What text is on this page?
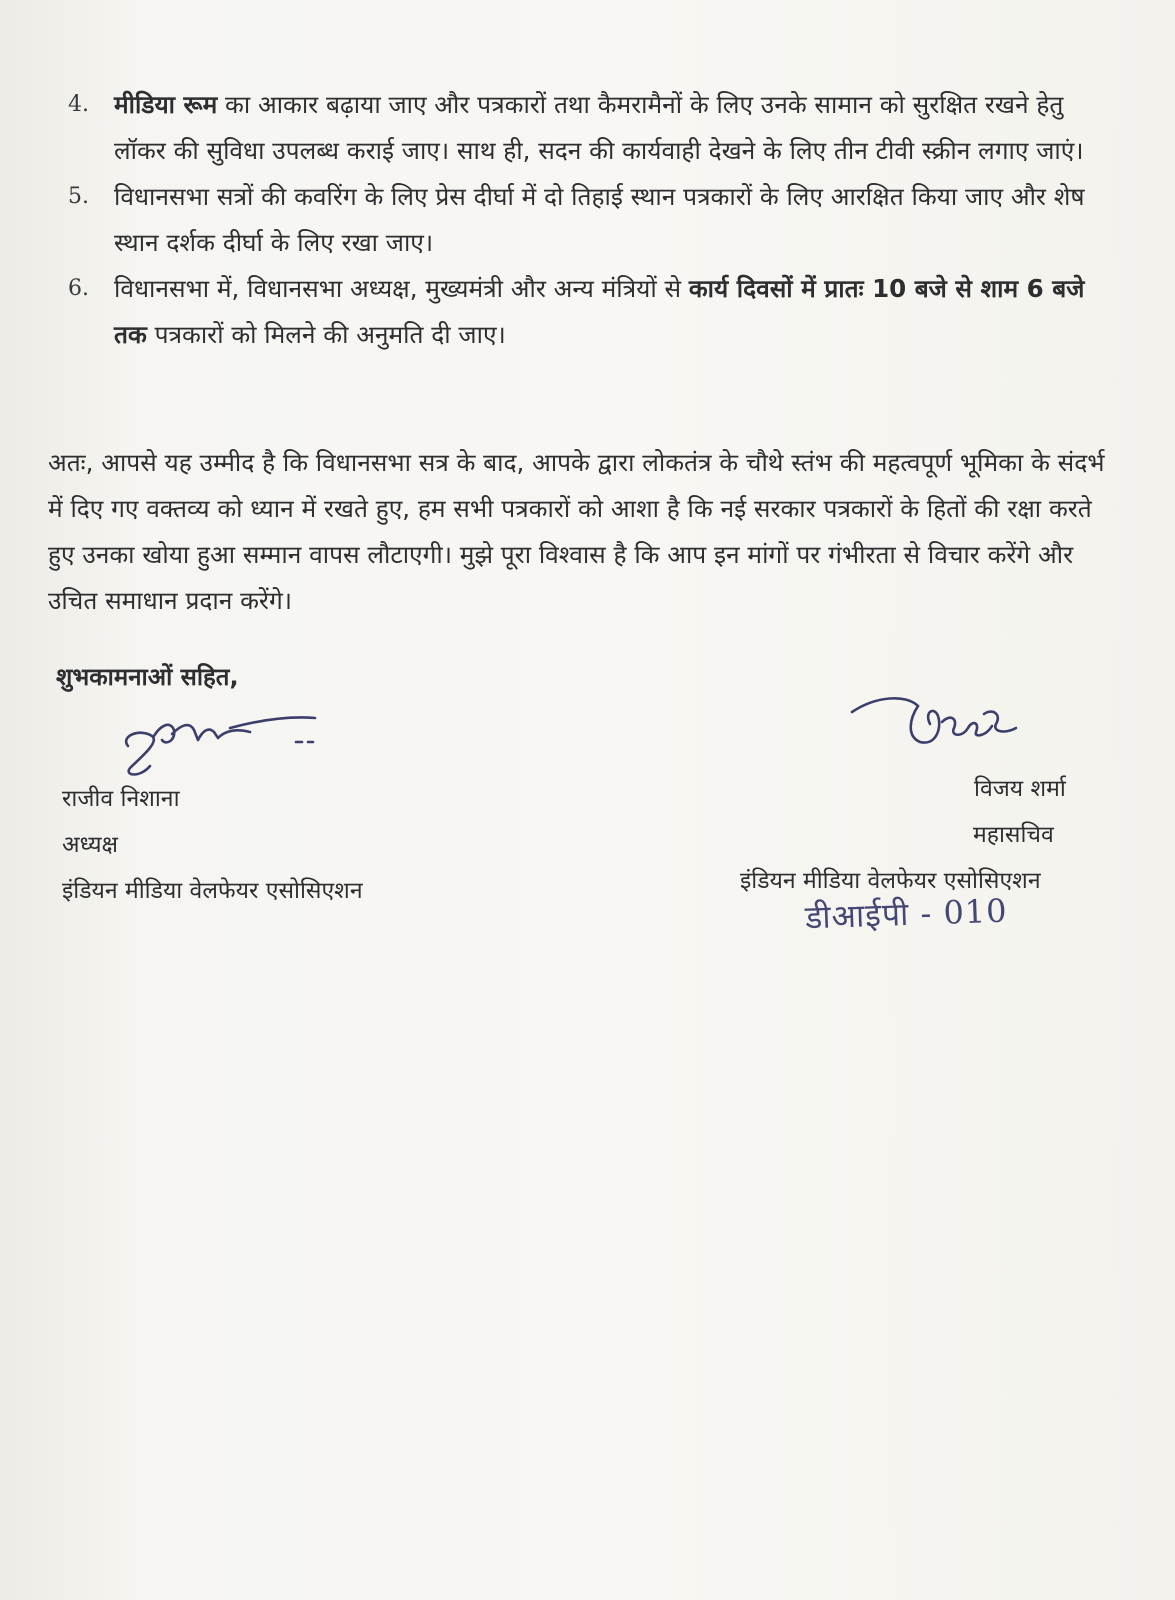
4. मीडिया रूम का आकार बढ़ाया जाए और पत्रकारों तथा कैमरामैनों के लिए उनके सामान को सुरक्षित रखने हेतु लॉकर की सुविधा उपलब्ध कराई जाए। साथ ही, सदन की कार्यवाही देखने के लिए तीन टीवी स्क्रीन लगाए जाएं।
5. विधानसभा सत्रों की कवरिंग के लिए प्रेस दीर्घा में दो तिहाई स्थान पत्रकारों के लिए आरक्षित किया जाए और शेष स्थान दर्शक दीर्घा के लिए रखा जाए।
6. विधानसभा में, विधानसभा अध्यक्ष, मुख्यमंत्री और अन्य मंत्रियों से कार्य दिवसों में प्रातः 10 बजे से शाम 6 बजे तक पत्रकारों को मिलने की अनुमति दी जाए।

अतः, आपसे यह उम्मीद है कि विधानसभा सत्र के बाद, आपके द्वारा लोकतंत्र के चौथे स्तंभ की महत्वपूर्ण भूमिका के संदर्भ में दिए गए वक्तव्य को ध्यान में रखते हुए, हम सभी पत्रकारों को आशा है कि नई सरकार पत्रकारों के हितों की रक्षा करते हुए उनका खोया हुआ सम्मान वापस लौटाएगी। मुझे पूरा विश्वास है कि आप इन मांगों पर गंभीरता से विचार करेंगे और उचित समाधान प्रदान करेंगे।

शुभकामनाओं सहित,

राजीव निशाना
अध्यक्ष
इंडियन मीडिया वेलफेयर एसोसिएशन
विजय शर्मा
महासचिव
इंडियन मीडिया वेलफेयर एसोसिएशन
डीआईपी - 010
